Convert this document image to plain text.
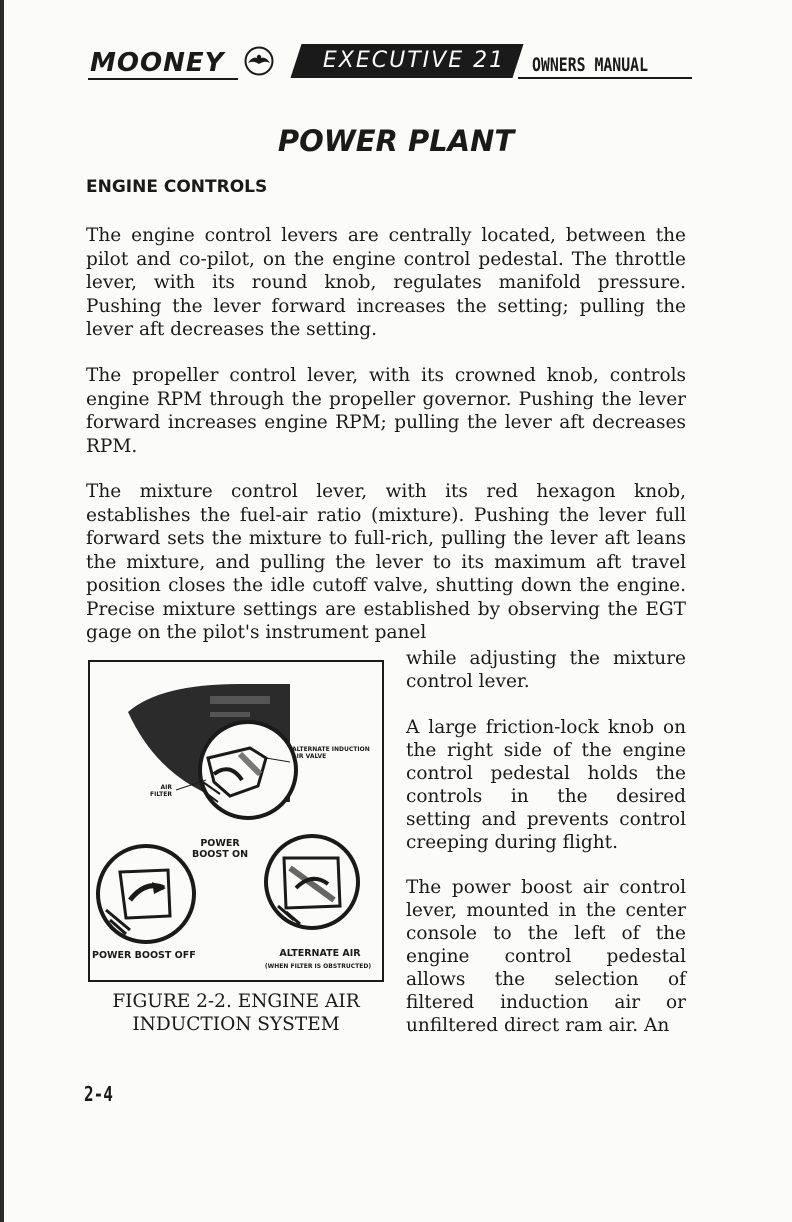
MOONEY	EXECUTIVE 21	OWNERS MANUAL
POWER PLANT
ENGINE CONTROLS

The engine control levers are centrally located, between the pilot and co-pilot, on the engine control pedestal. The throttle lever, with its round knob, regulates manifold pressure. Pushing the lever forward increases the setting; pulling the lever aft decreases the setting.

The propeller control lever, with its crowned knob, controls engine RPM through the propeller governor. Pushing the lever forward increases engine RPM; pulling the lever aft decreases RPM.

The mixture control lever, with its red hexagon knob, establishes the fuel-air ratio (mixture). Pushing the lever full forward sets the mixture to full-rich, pulling the lever aft leans the mixture, and pulling the lever to its maximum aft travel position closes the idle cutoff valve, shutting down the engine. Precise mixture settings are established by observing the EGT gage on the pilot's instrument panel

while adjusting the mixture control lever.

A large friction-lock knob on the right side of the engine control pedestal holds the controls in the desired setting and prevents control creeping during flight.

The power boost air control lever, mounted in the center console to the left of the engine control pedestal allows the selection of filtered induction air or unfiltered direct ram air. An

ALTERNATE INDUCTION AIR VALVE
AIR FILTER
POWER BOOST ON
POWER BOOST OFF	ALTERNATE AIR
(WHEN FILTER IS OBSTRUCTED)
FIGURE 2-2. ENGINE AIR INDUCTION SYSTEM
2-4
